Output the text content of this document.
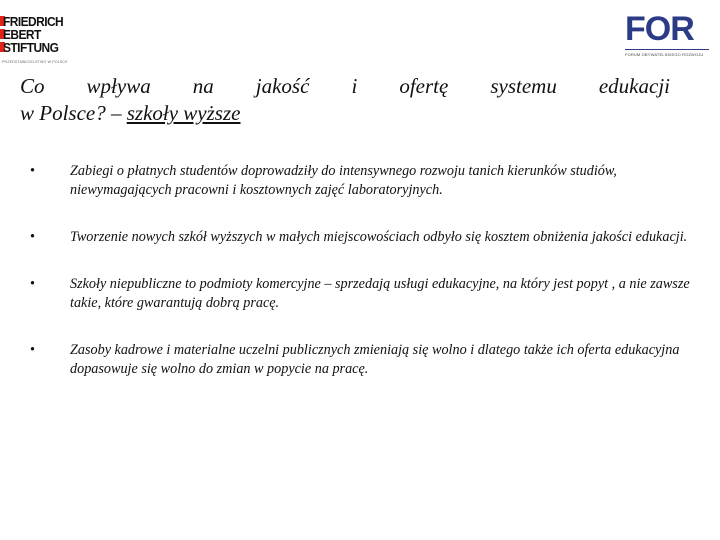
FRIEDRICH
EBERT
STIFTUNG
PRZEDSTAWICIELSTWO W POLSCE
FOR
FORUM OBYWATELSKIEGO ROZWOJU
Co wpływa na jakość i ofertę systemu edukacji
w Polsce? – szkoły wyższe
• Zabiegi o płatnych studentów doprowadziły do intensywnego rozwoju tanich kierunków studiów, niewymagających pracowni i kosztownych zajęć laboratoryjnych.
• Tworzenie nowych szkół wyższych w małych miejscowościach odbyło się kosztem obniżenia jakości edukacji.
• Szkoły niepubliczne to podmioty komercyjne – sprzedają usługi edukacyjne, na który jest popyt , a nie zawsze takie, które gwarantują dobrą pracę.
• Zasoby kadrowe i materialne uczelni publicznych zmieniają się wolno i dlatego także ich oferta edukacyjna dopasowuje się wolno do zmian w popycie na pracę.
